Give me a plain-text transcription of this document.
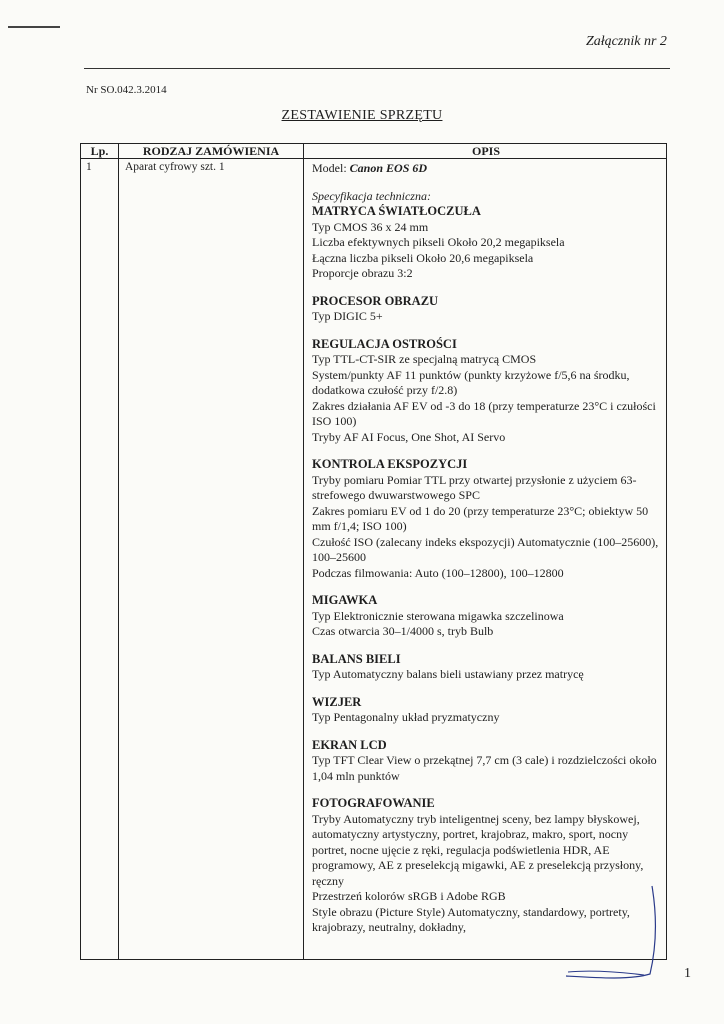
Załącznik nr 2
Nr SO.042.3.2014
ZESTAWIENIE SPRZĘTU
Lp.	RODZAJ ZAMÓWIENIA	OPIS
1	Aparat cyfrowy szt. 1	Model: Canon EOS 6D
Specyfikacja techniczna:
MATRYCA ŚWIATŁOCZUŁA
Typ CMOS 36 x 24 mm
Liczba efektywnych pikseli Około 20,2 megapiksela
Łączna liczba pikseli Około 20,6 megapiksela
Proporcje obrazu 3:2
PROCESOR OBRAZU
Typ DIGIC 5+
REGULACJA OSTROŚCI
Typ TTL-CT-SIR ze specjalną matrycą CMOS
System/punkty AF 11 punktów (punkty krzyżowe f/5,6 na środku, dodatkowa czułość przy f/2.8)
Zakres działania AF EV od -3 do 18 (przy temperaturze 23°C i czułości ISO 100)
Tryby AF AI Focus, One Shot, AI Servo
KONTROLA EKSPOZYCJI
Tryby pomiaru Pomiar TTL przy otwartej przysłonie z użyciem 63-strefowego dwuwarstwowego SPC
Zakres pomiaru EV od 1 do 20 (przy temperaturze 23°C; obiektyw 50 mm f/1,4; ISO 100)
Czułość ISO (zalecany indeks ekspozycji) Automatycznie (100–25600), 100–25600
Podczas filmowania: Auto (100–12800), 100–12800
MIGAWKA
Typ Elektronicznie sterowana migawka szczelinowa
Czas otwarcia 30–1/4000 s, tryb Bulb
BALANS BIELI
Typ Automatyczny balans bieli ustawiany przez matrycę
WIZJER
Typ Pentagonalny układ pryzmatyczny
EKRAN LCD
Typ TFT Clear View o przekątnej 7,7 cm (3 cale) i rozdzielczości około 1,04 mln punktów
FOTOGRAFOWANIE
Tryby Automatyczny tryb inteligentnej sceny, bez lampy błyskowej, automatyczny artystyczny, portret, krajobraz, makro, sport, nocny portret, nocne ujęcie z ręki, regulacja podświetlenia HDR, AE programowy, AE z preselekcją migawki, AE z preselekcją przysłony, ręczny
Przestrzeń kolorów sRGB i Adobe RGB
Style obrazu (Picture Style) Automatyczny, standardowy, portrety, krajobrazy, neutralny, dokładny,
1
